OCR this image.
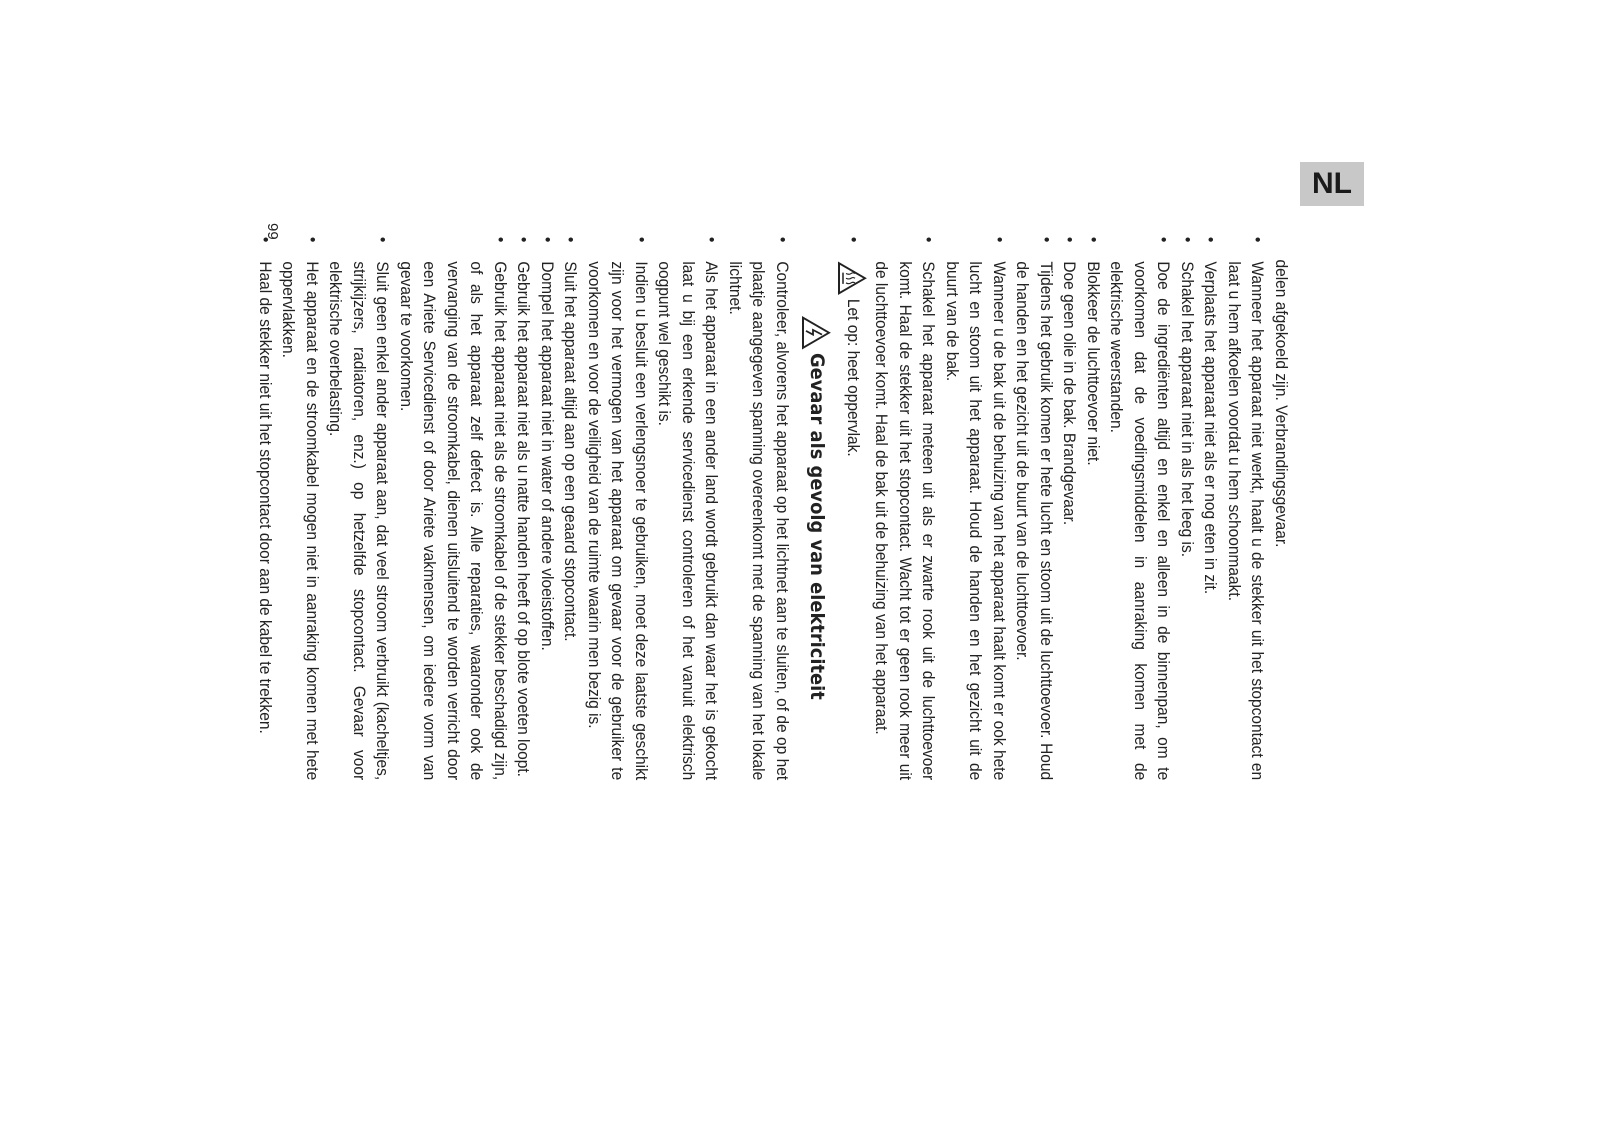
NL

delen afgekoeld zijn. Verbrandingsgevaar.

•
Wanneer het apparaat niet werkt, haalt u de stekker uit het stopcontact en laat u hem afkoelen voordat u hem schoonmaakt.
•
Verplaats het apparaat niet als er nog eten in zit.
•
Schakel het apparaat niet in als het leeg is.
•
Doe de ingrediënten altijd en enkel en alleen in de binnenpan, om te voorkomen dat de voedingsmiddelen in aanraking komen met de elektrische weerstanden.
•
Blokkeer de luchttoevoer niet.
•
Doe geen olie in de bak. Brandgevaar.
•
Tijdens het gebruik komen er hete lucht en stoom uit de luchttoevoer. Houd de handen en het gezicht uit de buurt van de luchttoevoer.
•
Wanneer u de bak uit de behuizing van het apparaat haalt komt er ook hete lucht en stoom uit het apparaat. Houd de handen en het gezicht uit de buurt van de bak.
•
Schakel het apparaat meteen uit als er zwarte rook uit de luchttoevoer komt. Haal de stekker uit het stopcontact. Wacht tot er geen rook meer uit de luchttoevoer komt. Haal de bak uit de behuizing van het apparaat.
•
Let op: heet oppervlak.
Gevaar als gevolg van elektriciteit
•
Controleer, alvorens het apparaat op het lichtnet aan te sluiten, of de op het plaatje aangegeven spanning overeenkomt met de spanning van het lokale lichtnet.
•
Als het apparaat in een ander land wordt gebruikt dan waar het is gekocht laat u bij een erkende servicedienst controleren of het vanuit elektrisch oogpunt wel geschikt is.
•
Indien u besluit een verlengsnoer te gebruiken, moet deze laatste geschikt zijn voor het vermogen van het apparaat om gevaar voor de gebruiker te voorkomen en voor de veiligheid van de ruimte waarin men bezig is.
•
Sluit het apparaat altijd aan op een geaard stopcontact.
•
Dompel het apparaat niet in water of andere vloeistoffen.
•
Gebruik het apparaat niet als u natte handen heeft of op blote voeten loopt.
•
Gebruik het apparaat niet als de stroomkabel of de stekker beschadigd zijn, of als het apparaat zelf defect is. Alle reparaties, waaronder ook de vervanging van de stroomkabel, dienen uitsluitend te worden verricht door een Ariete Servicedienst of door Ariete vakmensen, om iedere vorm van gevaar te voorkomen.
•
Sluit geen enkel ander apparaat aan, dat veel stroom verbruikt (kacheltjes, strijkijzers, radiatoren, enz.) op hetzelfde stopcontact. Gevaar voor elektrische overbelasting.
•
Het apparaat en de stroomkabel mogen niet in aanraking komen met hete oppervlakken.
•
Haal de stekker niet uit het stopcontact door aan de kabel te trekken.
66
